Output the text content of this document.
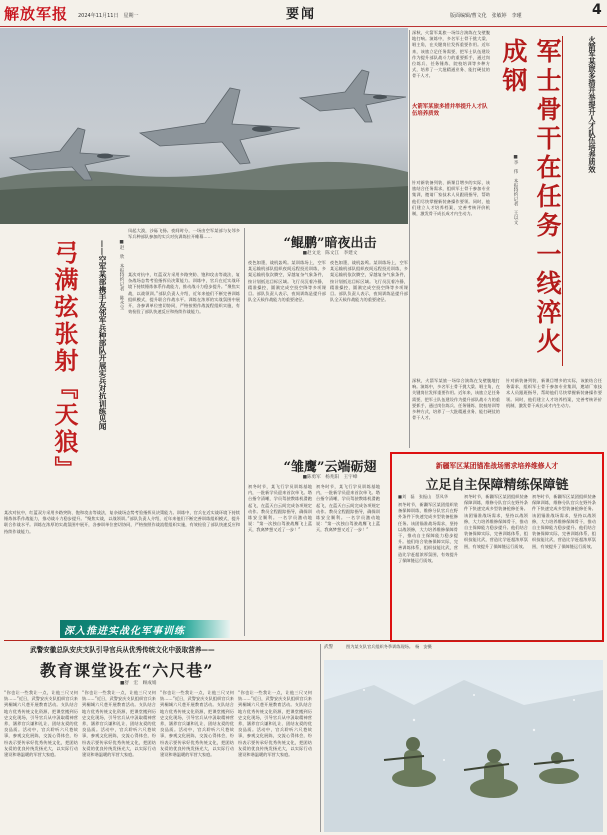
解放军报 2024年11月11日　星期一	要闻	版面编辑/曹文化　张敏婷　李瑾	4
深秋，火箭军某旅一场综合演练在戈壁腹地打响。演练中，多名军士骨干挑大梁、唱主角，在关键岗位发挥重要作用。近年来，该旅立足任务需要，把军士队伍建设作为提升部队战斗力的重要抓手，通过岗位练兵、任务锤炼、院校培训等多种方式，培养了一大批精通业务、能打硬仗的骨干人才。
火箭军某旅多措并举提升人才队伍培养质效
针对新装备列装、新课目增多的实际，该旅结合任务需求，组织军士骨干参加专业集训，邀请厂家技术人员跟班指导，帮助他们尽快掌握新装备操作要领。同时，他们建立人才培养档案，完善考核评价机制，激发骨干成长成才内生动力。	军士骨干在任务一线淬火成钢	火箭军某旅多措并举提升人才队伍培养质效
■李　伟　本报特约记者　王以文
深秋，火箭军某旅一场综合演练在戈壁腹地打响。演练中，多名军士骨干挑大梁、唱主角，在关键岗位发挥重要作用。近年来，该旅立足任务需要，把军士队伍建设作为提升部队战斗力的重要抓手，通过岗位练兵、任务锤炼、院校培训等多种方式，培养了一大批精通业务、能打硬仗的骨干人才。
针对新装备列装、新课目增多的实际，该旅结合任务需求，组织军士骨干参加专业集训，邀请厂家技术人员跟班指导，帮助他们尽快掌握新装备操作要领。同时，他们建立人才培养档案，完善考核评价机制，激发骨干成长成才内生动力。
弓满弦张射『天狼』	——空军某部携手友邻军兵种部队开展实兵对抗训练见闻	■赵　欣　本报特约记者　陈永宝
凤起大漠，沙砾飞扬。夜间时分，一场由空军某部与友邻多军兵种部队参加的实兵对抗训练拉开帷幕……
某次对抗中，红蓝双方采用多路突防、饱和攻击等战法，复杂战场态势考验指挥员决策能力。训练中，官兵在近实战环境下持续锤炼体系作战能力，推动战斗力稳步提升。“聚焦实战，以战领训。”部队负责人介绍，近年来他们不断完善训练组织模式，提升联合作战水平。训练在浓厚的实战氛围中展开，各参训单位密切协同，严格按照作战流程组织实施，有效检验了部队快速反应和持续作战能力。
某次对抗中，红蓝双方采用多路突防、饱和攻击等战法，复杂战场态势考验指挥员决策能力。训练中，官兵在近实战环境下持续锤炼体系作战能力，推动战斗力稳步提升。“聚焦实战，以战领训。”部队负责人介绍，近年来他们不断完善训练组织模式，提升联合作战水平。训练在浓厚的实战氛围中展开，各参训单位密切协同，严格按照作战流程组织实施，有效检验了部队快速反应和持续作战能力。
深入推进实战化军事训练
“鲲鹏”暗夜出击
■赵文龙　陈文江　李建文
夜色如墨，战机轰鸣。某训练场上，空军某运输机部队组织夜间远程投送训练，多架运输机依次腾空，穿越复杂气象条件，按计划抵达目标区域。飞行员沉着冷静，精准操控，圆满完成空投空降等多项课目。部队负责人表示，夜间训练是提升部队全天候作战能力的重要途径。
夜色如墨，战机轰鸣。某训练场上，空军某运输机部队组织夜间远程投送训练，多架运输机依次腾空，穿越复杂气象条件，按计划抵达目标区域。飞行员沉着冷静，精准操控，圆满完成空投空降等多项课目。部队负责人表示，夜间训练是提升部队全天候作战能力的重要途径。
“雏鹰”云端砺翅
■陈勇军　杨兆阳　王宇峰
初冬时节，某飞行学员训练基地内，一批新学员迎来首次单飞。塔台指令清晰，学员驾驶教练机滑跑起飞，在蓝天白云间完成各项规定动作。教员全程跟踪指导，确保训练安全顺利。一名学员激动地说：“第一次独自驾驶战鹰飞上蓝天，我离梦想又近了一步！”
初冬时节，某飞行学员训练基地内，一批新学员迎来首次单飞。塔台指令清晰，学员驾驶教练机滑跑起飞，在蓝天白云间完成各项规定动作。教员全程跟踪指导，确保训练安全顺利。一名学员激动地说：“第一次独自驾驶战鹰飞上蓝天，我离梦想又近了一步！”
新疆军区某团锚准战场需求培养维修人才
立足自主保障精练保障链
■刘　磊　张振山　蔡凤华
初冬时节，新疆军区某团组织装备保障训练，维修分队官兵在野外条件下快速完成多型装备抢修任务。该团锚准战场需求，坚持以战领修，大力培养维修保障骨干，推动自主保障能力稳步提升。他们结合装备保障实际，完善训练体系，组织技能比武，营造比学赶超浓厚氛围，有效提升了保障链运行质效。
初冬时节，新疆军区某团组织装备保障训练，维修分队官兵在野外条件下快速完成多型装备抢修任务。该团锚准战场需求，坚持以战领修，大力培养维修保障骨干，推动自主保障能力稳步提升。他们结合装备保障实际，完善训练体系，组织技能比武，营造比学赶超浓厚氛围，有效提升了保障链运行质效。
初冬时节，新疆军区某团组织装备保障训练，维修分队官兵在野外条件下快速完成多型装备抢修任务。该团锚准战场需求，坚持以战领修，大力培养维修保障骨干，推动自主保障能力稳步提升。他们结合装备保障实际，完善训练体系，组织技能比武，营造比学赶超浓厚氛围，有效提升了保障链运行质效。
武警安徽总队安庆支队引导官兵从优秀传统文化中汲取营养——
教育课堂设在“六尺巷”
■舒　宏　顾成娟
“你也让一些我让一点，让他三尺又何妨……”近日，武警安庆支队组织官兵来到桐城六尺巷开展教育活动。支队结合地方优秀传统文化资源，把课堂搬到历史文化现场，引导官兵从中汲取精神营养，涵养官兵谦和礼让、团结友爱的优良品质。活动中，官兵聆听六尺巷故事，参观文化展陈，交流心得体会，纷纷表示要传承好优秀传统文化，把团结友爱的优良传统发扬光大，以实际行动建设和谐温暖的军营大家庭。
“你也让一些我让一点，让他三尺又何妨……”近日，武警安庆支队组织官兵来到桐城六尺巷开展教育活动。支队结合地方优秀传统文化资源，把课堂搬到历史文化现场，引导官兵从中汲取精神营养，涵养官兵谦和礼让、团结友爱的优良品质。活动中，官兵聆听六尺巷故事，参观文化展陈，交流心得体会，纷纷表示要传承好优秀传统文化，把团结友爱的优良传统发扬光大，以实际行动建设和谐温暖的军营大家庭。
“你也让一些我让一点，让他三尺又何妨……”近日，武警安庆支队组织官兵来到桐城六尺巷开展教育活动。支队结合地方优秀传统文化资源，把课堂搬到历史文化现场，引导官兵从中汲取精神营养，涵养官兵谦和礼让、团结友爱的优良品质。活动中，官兵聆听六尺巷故事，参观文化展陈，交流心得体会，纷纷表示要传承好优秀传统文化，把团结友爱的优良传统发扬光大，以实际行动建设和谐温暖的军营大家庭。
“你也让一些我让一点，让他三尺又何妨……”近日，武警安庆支队组织官兵来到桐城六尺巷开展教育活动。支队结合地方优秀传统文化资源，把课堂搬到历史文化现场，引导官兵从中汲取精神营养，涵养官兵谦和礼让、团结友爱的优良品质。活动中，官兵聆听六尺巷故事，参观文化展陈，交流心得体会，纷纷表示要传承好优秀传统文化，把团结友爱的优良传统发扬光大，以实际行动建设和谐温暖的军营大家庭。
武警	图为某支队官兵组织冬季训练现场。　杨　安摄
